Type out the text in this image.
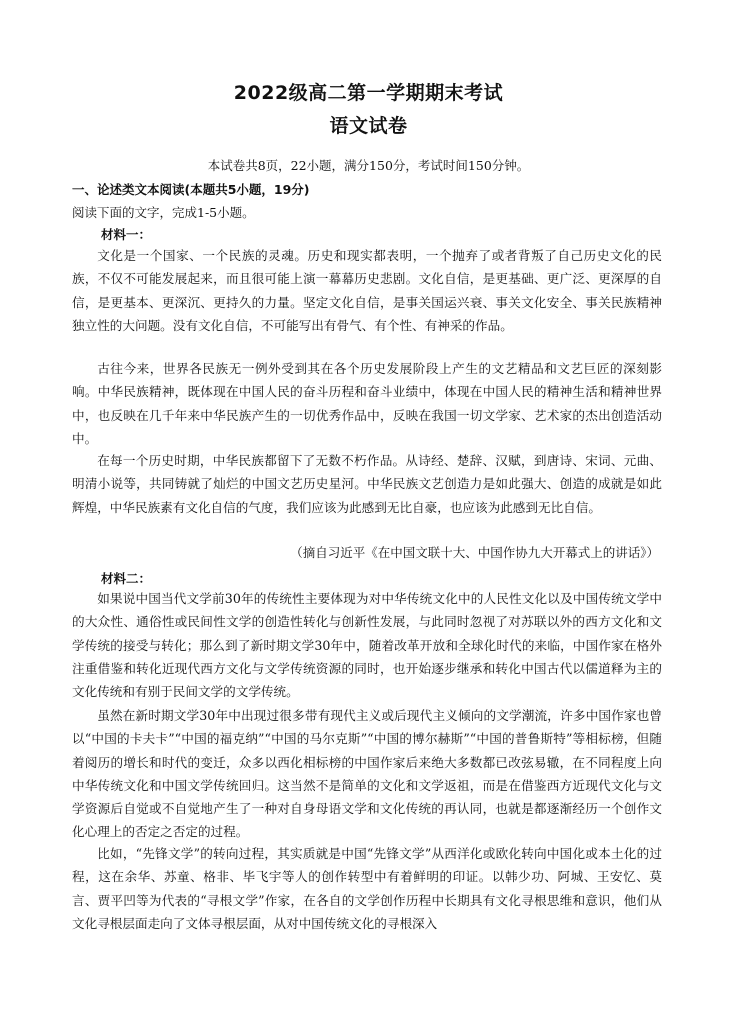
2022级高二第一学期期末考试
语文试卷
本试卷共8页，22小题，满分150分，考试时间150分钟。
一、论述类文本阅读(本题共5小题，19分)
阅读下面的文字，完成1-5小题。
材料一：

文化是一个国家、一个民族的灵魂。历史和现实都表明，一个抛弃了或者背叛了自己历史文化的民族，不仅不可能发展起来，而且很可能上演一幕幕历史悲剧。文化自信，是更基础、更广泛、更深厚的自信，是更基本、更深沉、更持久的力量。坚定文化自信，是事关国运兴衰、事关文化安全、事关民族精神独立性的大问题。没有文化自信，不可能写出有骨气、有个性、有神采的作品。

古往今来，世界各民族无一例外受到其在各个历史发展阶段上产生的文艺精品和文艺巨匠的深刻影响。中华民族精神，既体现在中国人民的奋斗历程和奋斗业绩中，体现在中国人民的精神生活和精神世界中，也反映在几千年来中华民族产生的一切优秀作品中，反映在我国一切文学家、艺术家的杰出创造活动中。

在每一个历史时期，中华民族都留下了无数不朽作品。从诗经、楚辞、汉赋，到唐诗、宋词、元曲、明清小说等，共同铸就了灿烂的中国文艺历史星河。中华民族文艺创造力是如此强大、创造的成就是如此辉煌，中华民族素有文化自信的气度，我们应该为此感到无比自豪，也应该为此感到无比自信。

（摘自习近平《在中国文联十大、中国作协九大开幕式上的讲话》）
材料二：

如果说中国当代文学前30年的传统性主要体现为对中华传统文化中的人民性文化以及中国传统文学中的大众性、通俗性或民间性文学的创造性转化与创新性发展，与此同时忽视了对苏联以外的西方文化和文学传统的接受与转化；那么到了新时期文学30年中，随着改革开放和全球化时代的来临，中国作家在格外注重借鉴和转化近现代西方文化与文学传统资源的同时，也开始逐步继承和转化中国古代以儒道释为主的文化传统和有别于民间文学的文学传统。

虽然在新时期文学30年中出现过很多带有现代主义或后现代主义倾向的文学潮流，许多中国作家也曾以“中国的卡夫卡”“中国的福克纳”“中国的马尔克斯”“中国的博尔赫斯”“中国的普鲁斯特”等相标榜，但随着阅历的增长和时代的变迁，众多以西化相标榜的中国作家后来绝大多数都已改弦易辙，在不同程度上向中华传统文化和中国文学传统回归。这当然不是简单的文化和文学返祖，而是在借鉴西方近现代文化与文学资源后自觉或不自觉地产生了一种对自身母语文学和文化传统的再认同，也就是都逐渐经历一个创作文化心理上的否定之否定的过程。

比如，“先锋文学”的转向过程，其实质就是中国“先锋文学”从西洋化或欧化转向中国化或本土化的过程，这在余华、苏童、格非、毕飞宇等人的创作转型中有着鲜明的印证。以韩少功、阿城、王安忆、莫言、贾平凹等为代表的“寻根文学”作家，在各自的文学创作历程中长期具有文化寻根思维和意识，他们从文化寻根层面走向了文体寻根层面，从对中国传统文化的寻根深入
